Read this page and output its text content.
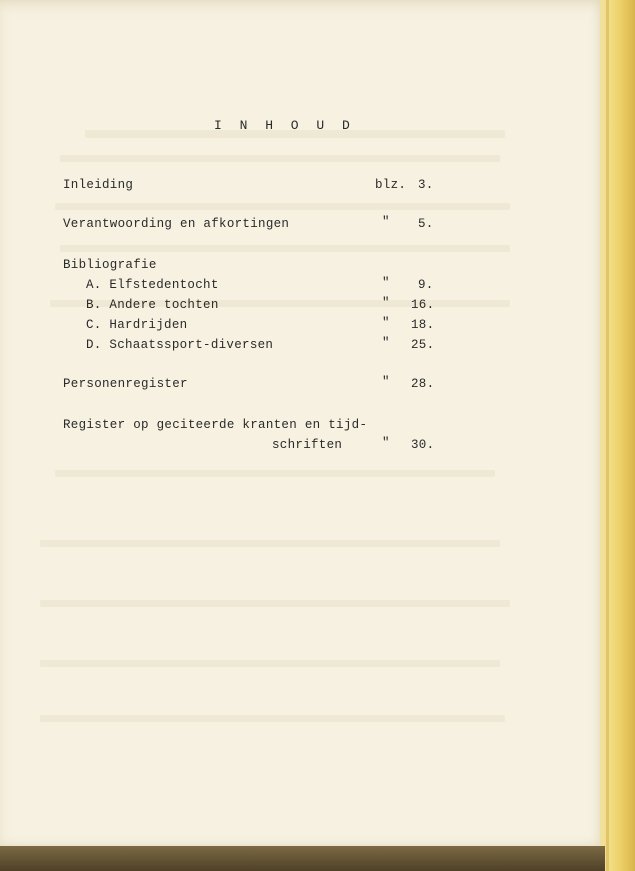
I N H O U D
Inleiding	blz. 3.
Verantwoording en afkortingen	" 5.
Bibliografie
A. Elfstedentocht	" 9.
B. Andere tochten	" 16.
C. Hardrijden	" 18.
D. Schaatssport-diversen	" 25.
Personenregister	" 28.
Register op geciteerde kranten en tijd-
schriften	" 30.
